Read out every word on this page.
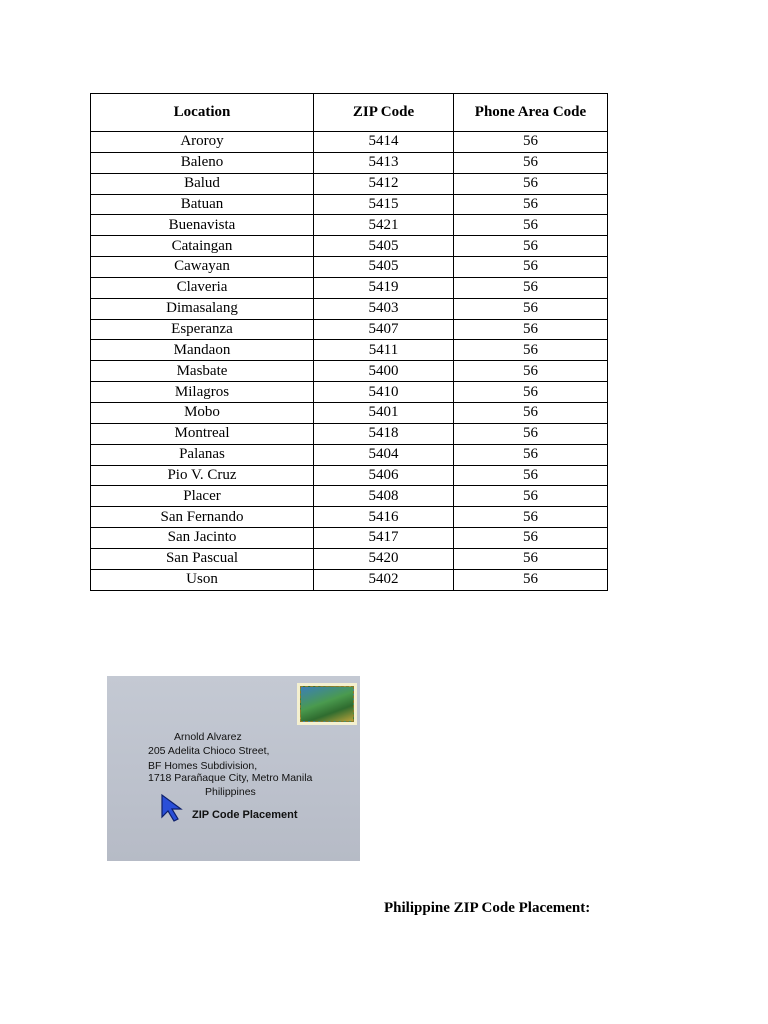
Location	ZIP Code	Phone Area Code
Aroroy	5414	56
Baleno	5413	56
Balud	5412	56
Batuan	5415	56
Buenavista	5421	56
Cataingan	5405	56
Cawayan	5405	56
Claveria	5419	56
Dimasalang	5403	56
Esperanza	5407	56
Mandaon	5411	56
Masbate	5400	56
Milagros	5410	56
Mobo	5401	56
Montreal	5418	56
Palanas	5404	56
Pio V. Cruz	5406	56
Placer	5408	56
San Fernando	5416	56
San Jacinto	5417	56
San Pascual	5420	56
Uson	5402	56
Arnold Alvarez
205 Adelita Chioco Street,
BF Homes Subdivision,
1718 Parañaque City, Metro Manila
Philippines
ZIP Code Placement
Philippine ZIP Code Placement:
